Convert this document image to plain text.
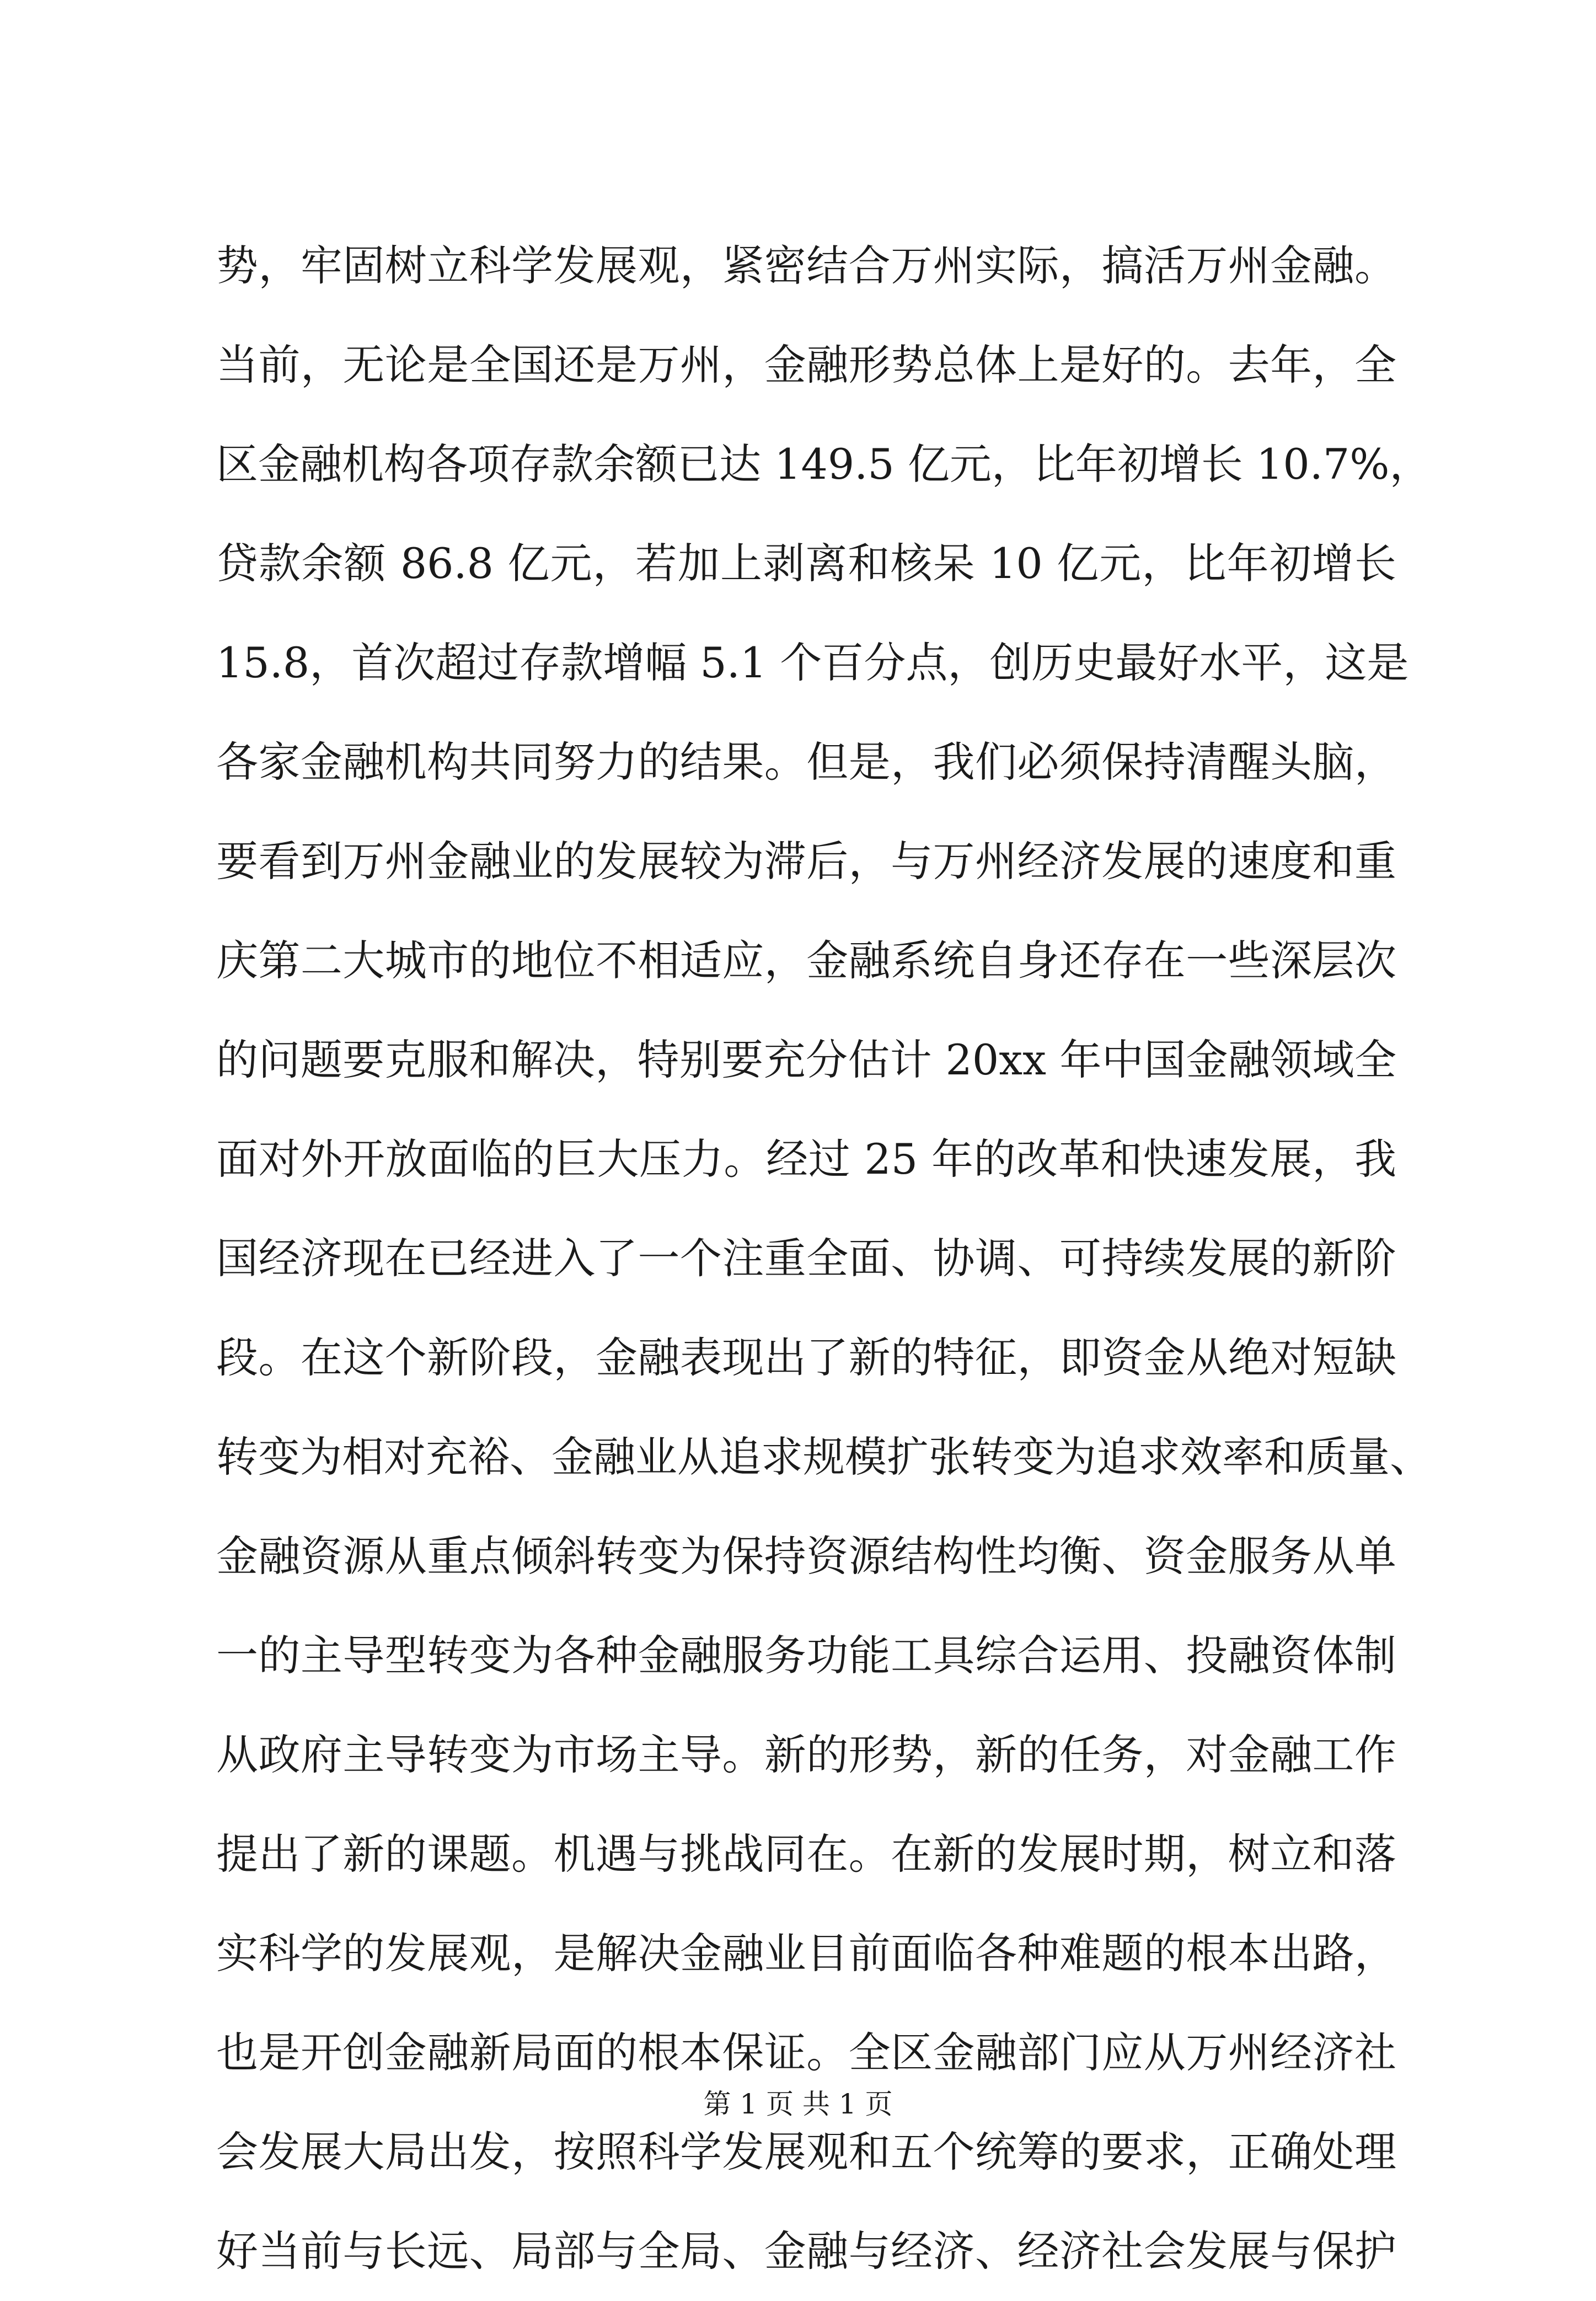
势，牢固树立科学发展观，紧密结合万州实际，搞活万州金融。
当前，无论是全国还是万州，金融形势总体上是好的。去年，全
区金融机构各项存款余额已达 149.5 亿元，比年初增长 10.7%，
贷款余额 86.8 亿元，若加上剥离和核呆 10 亿元，比年初增长
15.8，首次超过存款增幅 5.1 个百分点，创历史最好水平，这是
各家金融机构共同努力的结果。但是，我们必须保持清醒头脑，
要看到万州金融业的发展较为滞后，与万州经济发展的速度和重
庆第二大城市的地位不相适应，金融系统自身还存在一些深层次
的问题要克服和解决，特别要充分估计 20xx 年中国金融领域全
面对外开放面临的巨大压力。经过 25 年的改革和快速发展，我
国经济现在已经进入了一个注重全面、协调、可持续发展的新阶
段。在这个新阶段，金融表现出了新的特征，即资金从绝对短缺
转变为相对充裕、金融业从追求规模扩张转变为追求效率和质量、
金融资源从重点倾斜转变为保持资源结构性均衡、资金服务从单
一的主导型转变为各种金融服务功能工具综合运用、投融资体制
从政府主导转变为市场主导。新的形势，新的任务，对金融工作
提出了新的课题。机遇与挑战同在。在新的发展时期，树立和落
实科学的发展观，是解决金融业目前面临各种难题的根本出路，
也是开创金融新局面的根本保证。全区金融部门应从万州经济社
会发展大局出发，按照科学发展观和五个统筹的要求，正确处理
好当前与长远、局部与全局、金融与经济、经济社会发展与保护
第 1 页 共 1 页
